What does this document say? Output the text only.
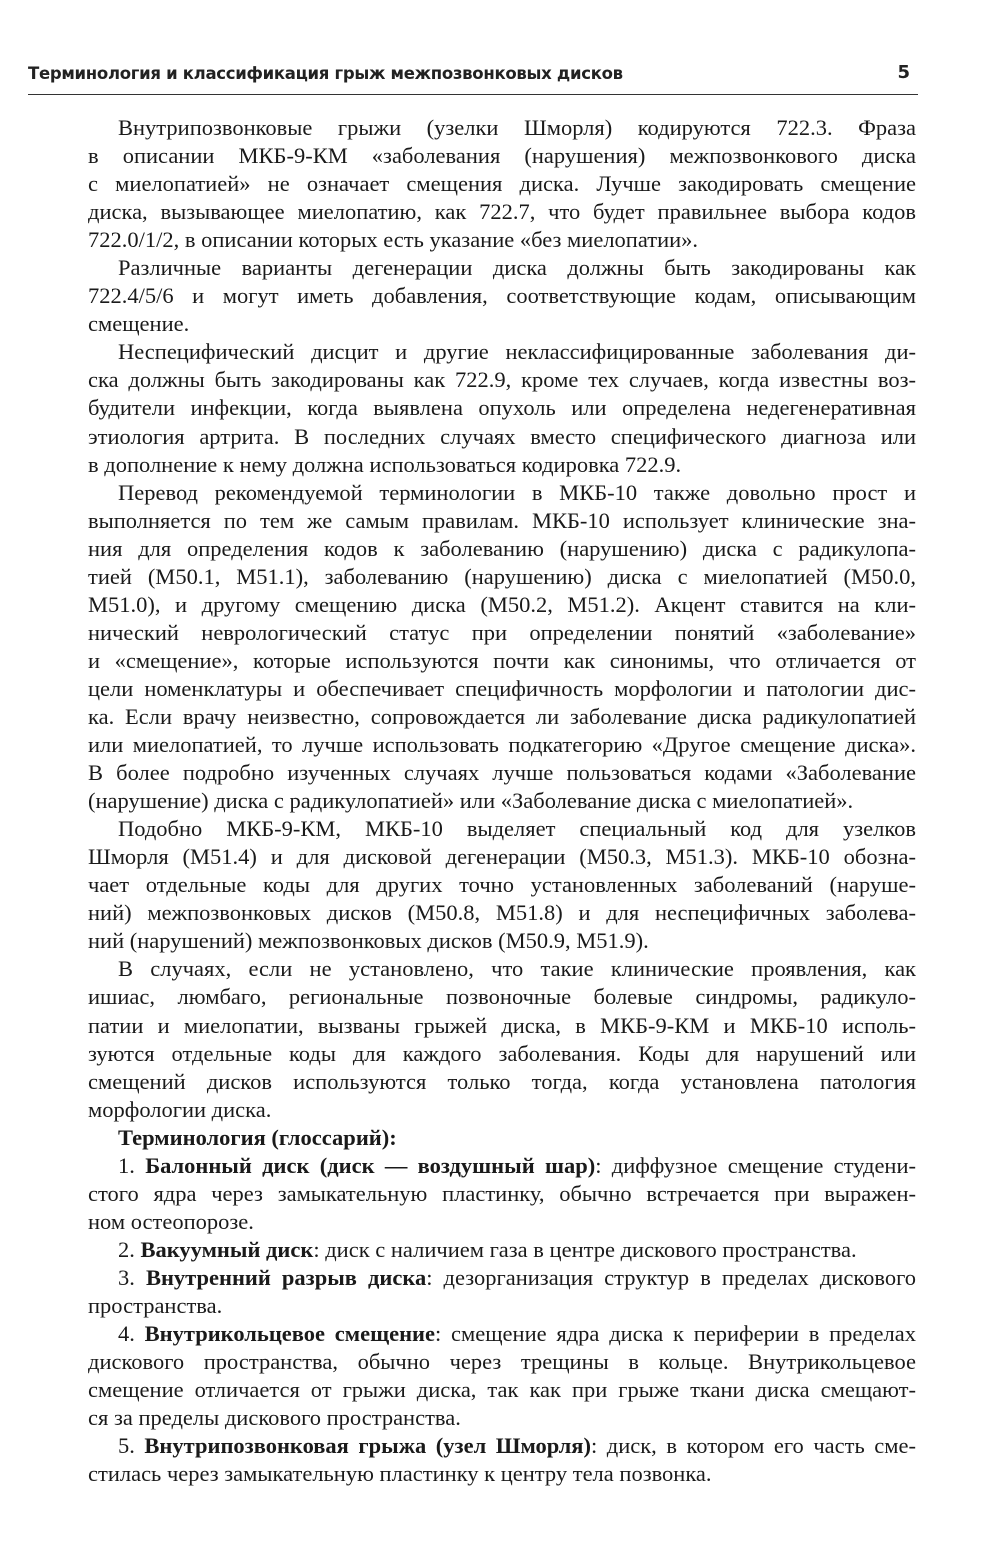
Терминология и классификация грыж межпозвонковых дисков	5
Внутрипозвонковые грыжи (узелки Шморля) кодируются 722.3. Фраза
в описании МКБ-9-КМ «заболевания (нарушения) межпозвонкового диска
с миелопатией» не означает смещения диска. Лучше закодировать смещение
диска, вызывающее миелопатию, как 722.7, что будет правильнее выбора кодов
722.0/1/2, в описании которых есть указание «без миелопатии».
Различные варианты дегенерации диска должны быть закодированы как
722.4/5/6 и могут иметь добавления, соответствующие кодам, описывающим
смещение.
Неспецифический дисцит и другие неклассифицированные заболевания ди-
ска должны быть закодированы как 722.9, кроме тех случаев, когда известны воз-
будители инфекции, когда выявлена опухоль или определена недегенеративная
этиология артрита. В последних случаях вместо специфического диагноза или
в дополнение к нему должна использоваться кодировка 722.9.
Перевод рекомендуемой терминологии в МКБ-10 также довольно прост и
выполняется по тем же самым правилам. МКБ-10 использует клинические зна-
ния для определения кодов к заболеванию (нарушению) диска с радикулопа-
тией (M50.1, M51.1), заболеванию (нарушению) диска с миелопатией (M50.0,
M51.0), и другому смещению диска (M50.2, M51.2). Акцент ставится на кли-
нический неврологический статус при определении понятий «заболевание»
и «смещение», которые используются почти как синонимы, что отличается от
цели номенклатуры и обеспечивает специфичность морфологии и патологии дис-
ка. Если врачу неизвестно, сопровождается ли заболевание диска радикулопатией
или миелопатией, то лучше использовать подкатегорию «Другое смещение диска».
В более подробно изученных случаях лучше пользоваться кодами «Заболевание
(нарушение) диска с радикулопатией» или «Заболевание диска с миелопатией».
Подобно МКБ-9-КМ, МКБ-10 выделяет специальный код для узелков
Шморля (M51.4) и для дисковой дегенерации (M50.3, M51.3). МКБ-10 обозна-
чает отдельные коды для других точно установленных заболеваний (наруше-
ний) межпозвонковых дисков (M50.8, M51.8) и для неспецифичных заболева-
ний (нарушений) межпозвонковых дисков (M50.9, M51.9).
В случаях, если не установлено, что такие клинические проявления, как
ишиас, люмбаго, региональные позвоночные болевые синдромы, радикуло-
патии и миелопатии, вызваны грыжей диска, в МКБ-9-КМ и МКБ-10 исполь-
зуются отдельные коды для каждого заболевания. Коды для нарушений или
смещений дисков используются только тогда, когда установлена патология
морфологии диска.
Терминология (глоссарий):
1. Балонный диск (диск — воздушный шар): диффузное смещение студени-
стого ядра через замыкательную пластинку, обычно встречается при выражен-
ном остеопорозе.
2. Вакуумный диск: диск с наличием газа в центре дискового пространства.
3. Внутренний разрыв диска: дезорганизация структур в пределах дискового
пространства.
4. Внутрикольцевое смещение: смещение ядра диска к периферии в пределах
дискового пространства, обычно через трещины в кольце. Внутрикольцевое
смещение отличается от грыжи диска, так как при грыже ткани диска смещают-
ся за пределы дискового пространства.
5. Внутрипозвонковая грыжа (узел Шморля): диск, в котором его часть сме-
стилась через замыкательную пластинку к центру тела позвонка.
